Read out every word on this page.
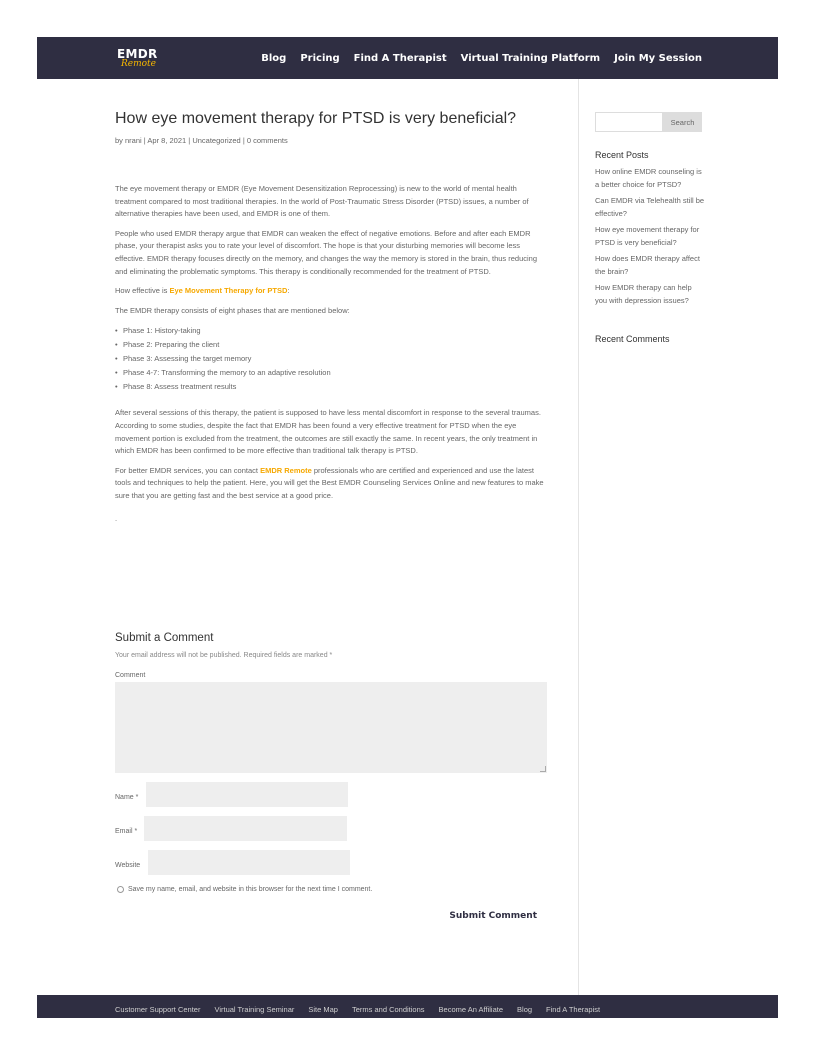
EMDR
Remote
Blog Pricing Find A Therapist Virtual Training Platform Join My Session
How eye movement therapy for PTSD is very beneficial?
by nrani | Apr 8, 2021 | Uncategorized | 0 comments

The eye movement therapy or EMDR (Eye Movement Desensitization Reprocessing) is new to the world of mental health treatment compared to most traditional therapies. In the world of Post-Traumatic Stress Disorder (PTSD) issues, a number of alternative therapies have been used, and EMDR is one of them.

People who used EMDR therapy argue that EMDR can weaken the effect of negative emotions. Before and after each EMDR phase, your therapist asks you to rate your level of discomfort. The hope is that your disturbing memories will become less effective. EMDR therapy focuses directly on the memory, and changes the way the memory is stored in the brain, thus reducing and eliminating the problematic symptoms. This therapy is conditionally recommended for the treatment of PTSD.

How effective is Eye Movement Therapy for PTSD:

The EMDR therapy consists of eight phases that are mentioned below:

• Phase 1: History-taking
• Phase 2: Preparing the client
• Phase 3: Assessing the target memory
• Phase 4-7: Transforming the memory to an adaptive resolution
• Phase 8: Assess treatment results

After several sessions of this therapy, the patient is supposed to have less mental discomfort in response to the several traumas. According to some studies, despite the fact that EMDR has been found a very effective treatment for PTSD when the eye movement portion is excluded from the treatment, the outcomes are still exactly the same. In recent years, the only treatment in which EMDR has been confirmed to be more effective than traditional talk therapy is PTSD.

For better EMDR services, you can contact EMDR Remote professionals who are certified and experienced and use the latest tools and techniques to help the patient. Here, you will get the Best EMDR Counseling Services Online and new features to make sure that you are getting fast and the best service at a good price.

.

Submit a Comment
Your email address will not be published. Required fields are marked *
Comment
Name *
Email *
Website
Save my name, email, and website in this browser for the next time I comment.
Submit Comment
Search
Recent Posts
How online EMDR counseling is a better choice for PTSD?
Can EMDR via Telehealth still be effective?
How eye movement therapy for PTSD is very beneficial?
How does EMDR therapy affect the brain?
How EMDR therapy can help you with depression issues?
Recent Comments
Customer Support Center Virtual Training Seminar Site Map Terms and Conditions Become An Affiliate Blog Find A Therapist
